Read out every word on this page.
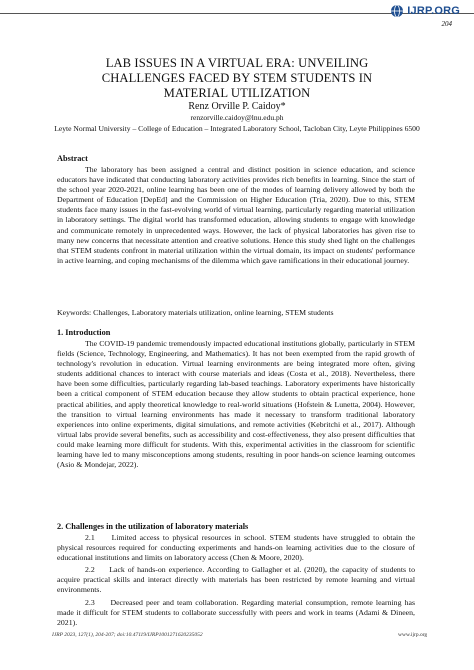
IJRP.ORG
204
LAB ISSUES IN A VIRTUAL ERA: UNVEILING
CHALLENGES FACED BY STEM STUDENTS IN
MATERIAL UTILIZATION
Renz Orville P. Caidoy*
renzorville.caidoy@lnu.edu.ph
Leyte Normal University – College of Education – Integrated Laboratory School, Tacloban City, Leyte Philippines 6500
Abstract

The laboratory has been assigned a central and distinct position in science education, and science educators have indicated that conducting laboratory activities provides rich benefits in learning. Since the start of the school year 2020-2021, online learning has been one of the modes of learning delivery allowed by both the Department of Education [DepEd] and the Commission on Higher Education (Tria, 2020). Due to this, STEM students face many issues in the fast-evolving world of virtual learning, particularly regarding material utilization in laboratory settings. The digital world has transformed education, allowing students to engage with knowledge and communicate remotely in unprecedented ways. However, the lack of physical laboratories has given rise to many new concerns that necessitate attention and creative solutions. Hence this study shed light on the challenges that STEM students confront in material utilization within the virtual domain, its impact on students' performance in active learning, and coping mechanisms of the dilemma which gave ramifications in their educational journey.

Keywords: Challenges, Laboratory materials utilization, online learning, STEM students
1. Introduction

The COVID-19 pandemic tremendously impacted educational institutions globally, particularly in STEM fields (Science, Technology, Engineering, and Mathematics). It has not been exempted from the rapid growth of technology's revolution in education. Virtual learning environments are being integrated more often, giving students additional chances to interact with course materials and ideas (Costa et al., 2018). Nevertheless, there have been some difficulties, particularly regarding lab-based teachings. Laboratory experiments have historically been a critical component of STEM education because they allow students to obtain practical experience, hone practical abilities, and apply theoretical knowledge to real-world situations (Hofstein & Lunetta, 2004). However, the transition to virtual learning environments has made it necessary to transform traditional laboratory experiences into online experiments, digital simulations, and remote activities (Kebritchi et al., 2017). Although virtual labs provide several benefits, such as accessibility and cost-effectiveness, they also present difficulties that could make learning more difficult for students. With this, experimental activities in the classroom for scientific learning have led to many misconceptions among students, resulting in poor hands-on science learning outcomes (Asio & Mondejar, 2022).

2. Challenges in the utilization of laboratory materials

2.1 Limited access to physical resources in school. STEM students have struggled to obtain the physical resources required for conducting experiments and hands-on learning activities due to the closure of educational institutions and limits on laboratory access (Chen & Moore, 2020).

2.2 Lack of hands-on experience. According to Gallagher et al. (2020), the capacity of students to acquire practical skills and interact directly with materials has been restricted by remote learning and virtual environments.

2.3 Decreased peer and team collaboration. Regarding material consumption, remote learning has made it difficult for STEM students to collaborate successfully with peers and work in teams (Adami & Dineen, 2021).

IJRP 2023, 127(1), 204-207; doi:10.47119/IJRP1001271620235052	www.ijrp.org
